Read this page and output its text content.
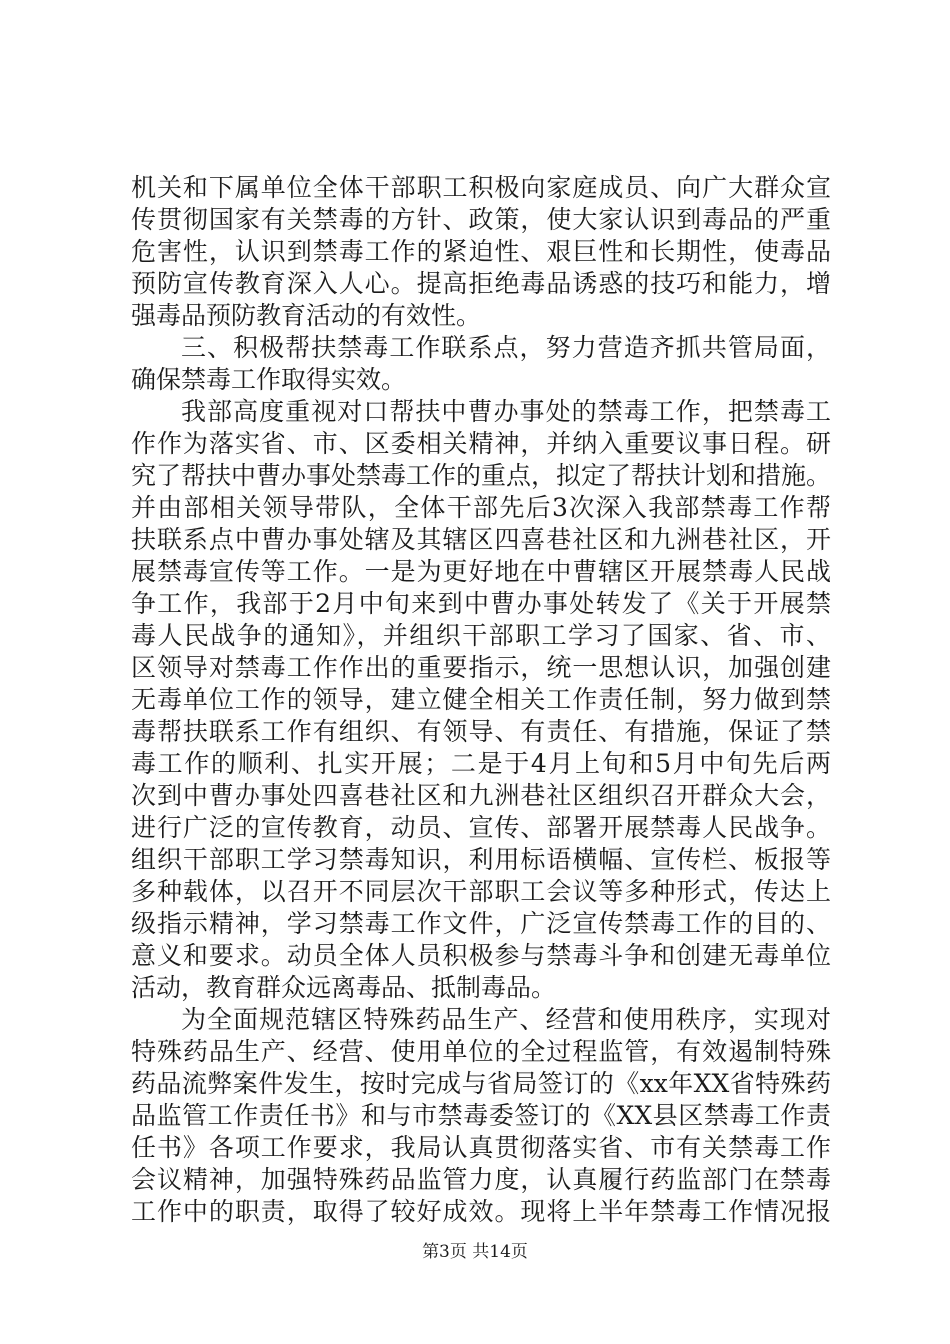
机关和下属单位全体干部职工积极向家庭成员、向广大群众宣
传贯彻国家有关禁毒的方针、政策，使大家认识到毒品的严重
危害性，认识到禁毒工作的紧迫性、艰巨性和长期性，使毒品
预防宣传教育深入人心。提高拒绝毒品诱惑的技巧和能力，增
强毒品预防教育活动的有效性。
三、积极帮扶禁毒工作联系点，努力营造齐抓共管局面，
确保禁毒工作取得实效。
我部高度重视对口帮扶中曹办事处的禁毒工作，把禁毒工
作作为落实省、市、区委相关精神，并纳入重要议事日程。研
究了帮扶中曹办事处禁毒工作的重点，拟定了帮扶计划和措施。
并由部相关领导带队，全体干部先后3次深入我部禁毒工作帮
扶联系点中曹办事处辖及其辖区四喜巷社区和九洲巷社区，开
展禁毒宣传等工作。一是为更好地在中曹辖区开展禁毒人民战
争工作，我部于2月中旬来到中曹办事处转发了《关于开展禁
毒人民战争的通知》，并组织干部职工学习了国家、省、市、
区领导对禁毒工作作出的重要指示，统一思想认识，加强创建
无毒单位工作的领导，建立健全相关工作责任制，努力做到禁
毒帮扶联系工作有组织、有领导、有责任、有措施，保证了禁
毒工作的顺利、扎实开展；二是于4月上旬和5月中旬先后两
次到中曹办事处四喜巷社区和九洲巷社区组织召开群众大会，
进行广泛的宣传教育，动员、宣传、部署开展禁毒人民战争。
组织干部职工学习禁毒知识，利用标语横幅、宣传栏、板报等
多种载体，以召开不同层次干部职工会议等多种形式，传达上
级指示精神，学习禁毒工作文件，广泛宣传禁毒工作的目的、
意义和要求。动员全体人员积极参与禁毒斗争和创建无毒单位
活动，教育群众远离毒品、抵制毒品。
为全面规范辖区特殊药品生产、经营和使用秩序，实现对
特殊药品生产、经营、使用单位的全过程监管，有效遏制特殊
药品流弊案件发生，按时完成与省局签订的《xx年XX省特殊药
品监管工作责任书》和与市禁毒委签订的《XX县区禁毒工作责
任书》各项工作要求，我局认真贯彻落实省、市有关禁毒工作
会议精神，加强特殊药品监管力度，认真履行药监部门在禁毒
工作中的职责，取得了较好成效。现将上半年禁毒工作情况报
第3页 共14页
